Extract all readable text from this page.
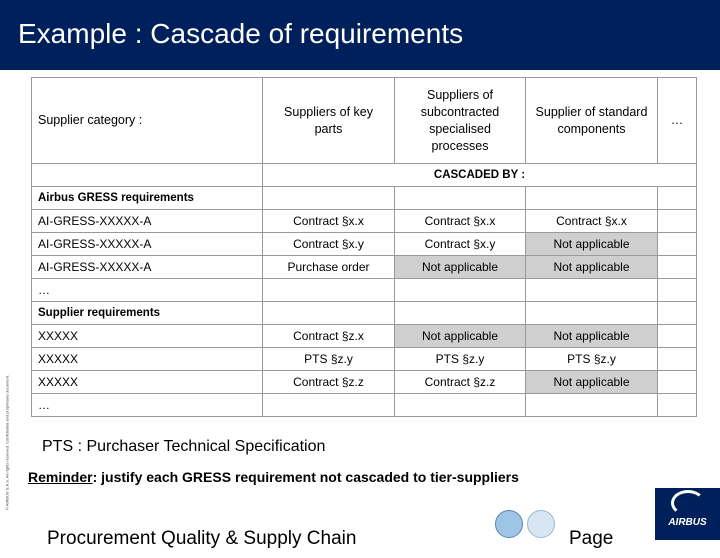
Example : Cascade of requirements
© AIRBUS S.A.S. All rights reserved. Confidential and proprietary document.
Supplier category :	Suppliers of key parts	Suppliers of subcontracted specialised processes	Supplier of standard components	…
	CASCADED BY :			
Airbus GRESS requirements				
AI-GRESS-XXXXX-A	Contract §x.x	Contract §x.x	Contract §x.x	
AI-GRESS-XXXXX-A	Contract §x.y	Contract §x.y	Not applicable	
AI-GRESS-XXXXX-A	Purchase order	Not applicable	Not applicable	
…				
Supplier requirements				
XXXXX	Contract §z.x	Not applicable	Not applicable	
XXXXX	PTS §z.y	PTS §z.y	PTS §z.y	
XXXXX	Contract §z.z	Contract §z.z	Not applicable	
…				
PTS : Purchaser Technical Specification
Reminder: justify each GRESS requirement not cascaded to tier-suppliers
Procurement Quality & Supply Chain	Page
AIRBUS
